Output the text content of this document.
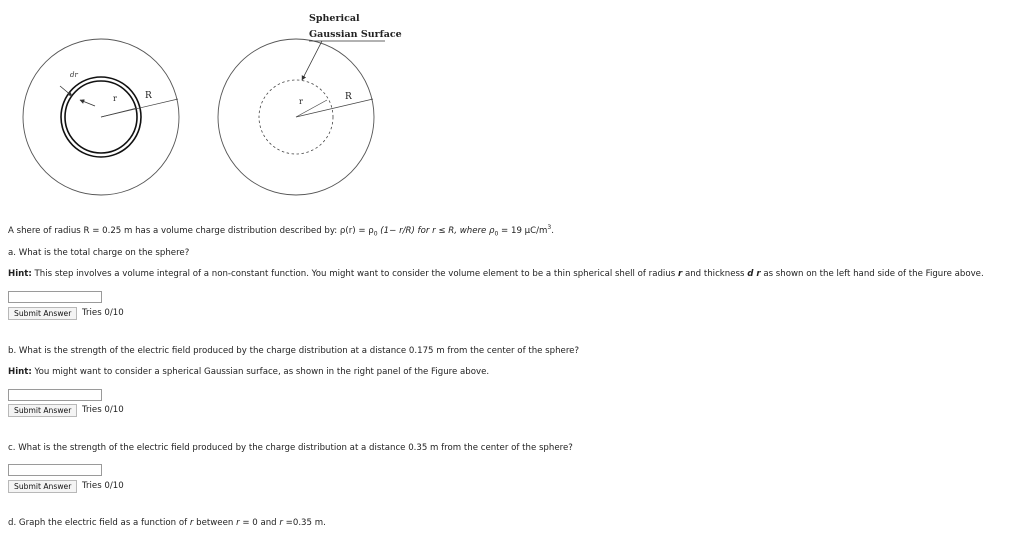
dr
r	R
Spherical
Gaussian Surface
r	R
A shere of radius R = 0.25 m has a volume charge distribution described by: $\rho(r) = \rho_0$ (1− r/R) for r ≤ R, where $\rho_0 = 19$ $\mu C/m^3$.
a. What is the total charge on the sphere?
Hint: This step involves a volume integral of a non-constant function. You might want to consider the volume element to be a thin spherical shell of radius r and thickness d r as shown on the left hand side of the Figure above.
Submit Answer	Tries 0/10
b. What is the strength of the electric field produced by the charge distribution at a distance 0.175 m from the center of the sphere?
Hint: You might want to consider a spherical Gaussian surface, as shown in the right panel of the Figure above.
Submit Answer	Tries 0/10
c. What is the strength of the electric field produced by the charge distribution at a distance 0.35 m from the center of the sphere?
Submit Answer	Tries 0/10
d. Graph the electric field as a function of r between r = 0 and r =0.35 m.
